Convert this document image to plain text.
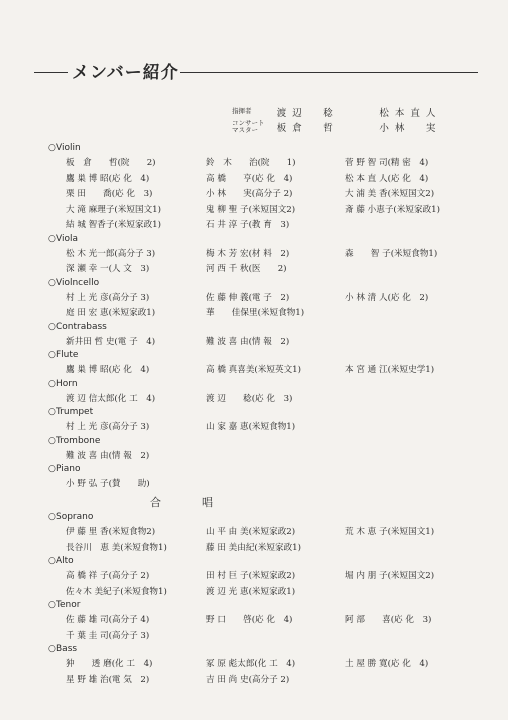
メンバー紹介
指揮者	渡辺　稔	松本直人
コンサート
マスター	板倉　哲	小林　実
○Violin
板　倉　　哲(院　　2)	鈴　木　　治(院　　1)	菅 野 智 司(精 密　4)
鷹 巣 博 昭(応 化　4)	高 橋　　亨(応 化　4)	松 本 直 人(応 化　4)
栗 田　　喬(応 化　3)	小 林　　実(高分子 2)	大 浦 美 香(米短国文2)
大 滝 麻理子(米短国文1)	鬼 柳 聖 子(米短国文2)	斎 藤 小恵子(米短家政1)
結 城 智香子(米短家政1)	石 井 淳 子(教 育　3)
○Viola
松 木 光一郎(高分子 3)	梅 木 芳 宏(材 料　2)	森　　智 子(米短食物1)
深 瀬 幸 一(人 文　3)	河 西 千 秋(医　　2)
○Violncello
村 上 光 彦(高分子 3)	佐 藤 伸 義(電 子　2)	小 林 清 人(応 化　2)
庭 田 宏 恵(米短家政1)	華　　佳保里(米短食物1)
○Contrabass
新井田 哲 史(電 子　4)	難 波 喜 由(情 報　2)
○Flute
鷹 巣 博 昭(応 化　4)	高 橋 真喜美(米短英文1)	本 宮 通 江(米短史学1)
○Horn
渡 辺 信太郎(化 工　4)	渡 辺　　稔(応 化　3)
○Trumpet
村 上 光 彦(高分子 3)	山 家 嘉 恵(米短食物1)
○Trombone
難 波 喜 由(情 報　2)
○Piano
小 野 弘 子(賛　　助)
合　　　唱
○Soprano
伊 藤 里 香(米短食物2)	山 平 由 美(米短家政2)	荒 木 恵 子(米短国文1)
長谷川　恵 美(米短食物1)	藤 田 美由紀(米短家政1)
○Alto
高 橋 祥 子(高分子 2)	田 村 巨 子(米短家政2)	堀 内 朋 子(米短国文2)
佐々木 美紀子(米短食物1)	渡 辺 光 恵(米短家政1)
○Tenor
佐 藤 雄 司(高分子 4)	野 口　　啓(応 化　4)	阿 部　　喜(応 化　3)
千 葉 圭 司(高分子 3)
○Bass
狆　　透 磨(化 工　4)	冢 原 彪太郎(化 工　4)	土 屋 勝 寛(応 化　4)
星 野 雄 治(電 気　2)	吉 田 尚 史(高分子 2)
